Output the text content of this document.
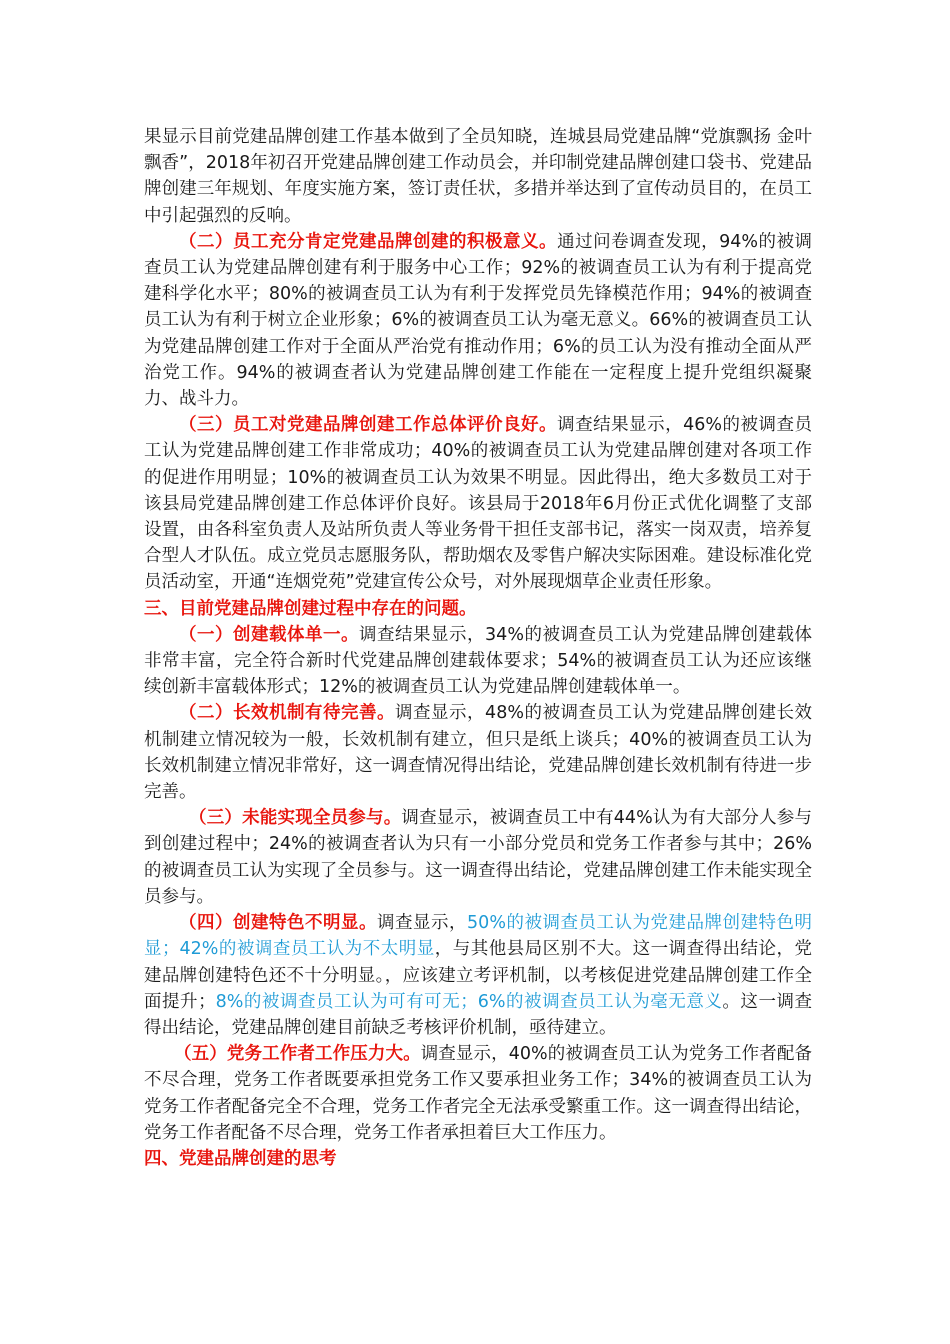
果显示目前党建品牌创建工作基本做到了全员知晓，连城县局党建品牌“党旗飘扬 金叶飘香”，2018年初召开党建品牌创建工作动员会，并印制党建品牌创建口袋书、党建品牌创建三年规划、年度实施方案，签订责任状，多措并举达到了宣传动员目的，在员工中引起强烈的反响。

（二）员工充分肯定党建品牌创建的积极意义。通过问卷调查发现，94%的被调查员工认为党建品牌创建有利于服务中心工作；92%的被调查员工认为有利于提高党建科学化水平；80%的被调查员工认为有利于发挥党员先锋模范作用；94%的被调查员工认为有利于树立企业形象；6%的被调查员工认为毫无意义。66%的被调查员工认为党建品牌创建工作对于全面从严治党有推动作用；6%的员工认为没有推动全面从严治党工作。94%的被调查者认为党建品牌创建工作能在一定程度上提升党组织凝聚力、战斗力。

（三）员工对党建品牌创建工作总体评价良好。调查结果显示，46%的被调查员工认为党建品牌创建工作非常成功；40%的被调查员工认为党建品牌创建对各项工作的促进作用明显；10%的被调查员工认为效果不明显。因此得出，绝大多数员工对于该县局党建品牌创建工作总体评价良好。该县局于2018年6月份正式优化调整了支部设置，由各科室负责人及站所负责人等业务骨干担任支部书记，落实一岗双责，培养复合型人才队伍。成立党员志愿服务队，帮助烟农及零售户解决实际困难。建设标准化党员活动室，开通“连烟党苑”党建宣传公众号，对外展现烟草企业责任形象。

三、目前党建品牌创建过程中存在的问题。

（一）创建载体单一。调查结果显示，34%的被调查员工认为党建品牌创建载体非常丰富，完全符合新时代党建品牌创建载体要求；54%的被调查员工认为还应该继续创新丰富载体形式；12%的被调查员工认为党建品牌创建载体单一。

（二）长效机制有待完善。调查显示，48%的被调查员工认为党建品牌创建长效机制建立情况较为一般，长效机制有建立，但只是纸上谈兵；40%的被调查员工认为长效机制建立情况非常好，这一调查情况得出结论，党建品牌创建长效机制有待进一步完善。

（三）未能实现全员参与。调查显示，被调查员工中有44%认为有大部分人参与到创建过程中；24%的被调查者认为只有一小部分党员和党务工作者参与其中；26%的被调查员工认为实现了全员参与。这一调查得出结论，党建品牌创建工作未能实现全员参与。

（四）创建特色不明显。调查显示，50%的被调查员工认为党建品牌创建特色明显；42%的被调查员工认为不太明显，与其他县局区别不大。这一调查得出结论，党建品牌创建特色还不十分明显。，应该建立考评机制，以考核促进党建品牌创建工作全面提升；8%的被调查员工认为可有可无；6%的被调查员工认为毫无意义。这一调查得出结论，党建品牌创建目前缺乏考核评价机制，亟待建立。

（五）党务工作者工作压力大。调查显示，40%的被调查员工认为党务工作者配备不尽合理，党务工作者既要承担党务工作又要承担业务工作；34%的被调查员工认为党务工作者配备完全不合理，党务工作者完全无法承受繁重工作。这一调查得出结论，党务工作者配备不尽合理，党务工作者承担着巨大工作压力。

四、党建品牌创建的思考
